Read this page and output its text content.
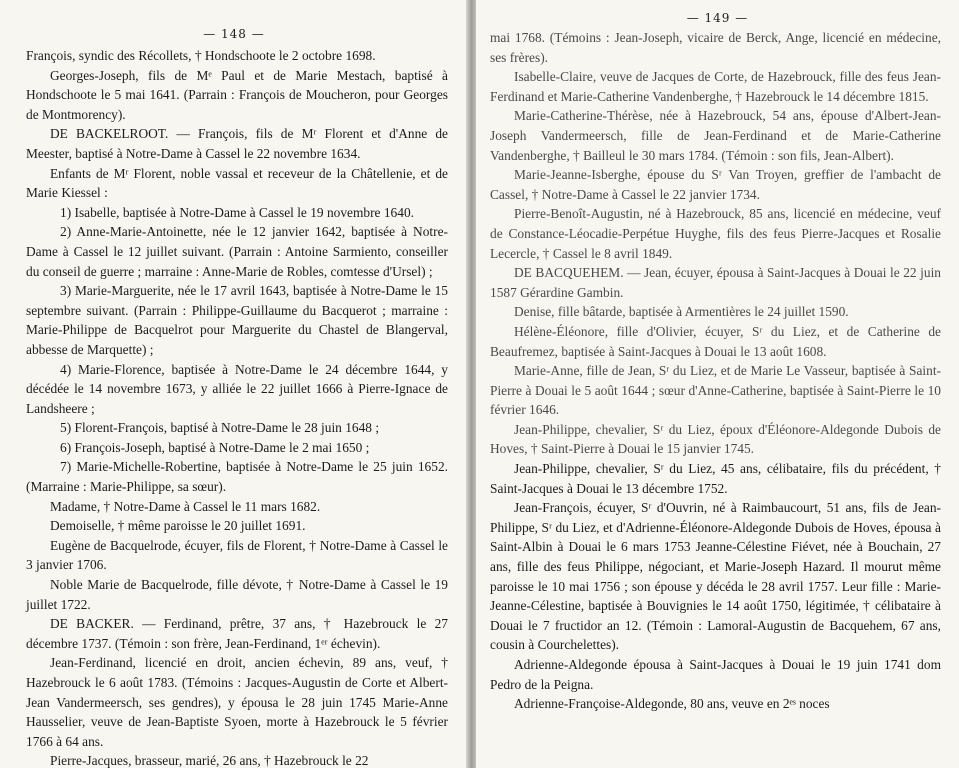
— 148 —

François, syndic des Récollets, † Hondschoote le 2 octobre 1698.

Georges-Joseph, fils de Mᵉ Paul et de Marie Mestach, baptisé à Hondschoote le 5 mai 1641. (Parrain : François de Moucheron, pour Georges de Montmorency).

DE BACKELROOT. — François, fils de Mʳ Florent et d'Anne de Meester, baptisé à Notre-Dame à Cassel le 22 novembre 1634.

Enfants de Mʳ Florent, noble vassal et receveur de la Châtellenie, et de Marie Kiessel :

1) Isabelle, baptisée à Notre-Dame à Cassel le 19 novembre 1640.

2) Anne-Marie-Antoinette, née le 12 janvier 1642, baptisée à Notre-Dame à Cassel le 12 juillet suivant. (Parrain : Antoine Sarmiento, conseiller du conseil de guerre ; marraine : Anne-Marie de Robles, comtesse d'Ursel) ;

3) Marie-Marguerite, née le 17 avril 1643, baptisée à Notre-Dame le 15 septembre suivant. (Parrain : Philippe-Guillaume du Bacquerot ; marraine : Marie-Philippe de Bacquelrot pour Marguerite du Chastel de Blangerval, abbesse de Marquette) ;

4) Marie-Florence, baptisée à Notre-Dame le 24 décembre 1644, y décédée le 14 novembre 1673, y alliée le 22 juillet 1666 à Pierre-Ignace de Landsheere ;

5) Florent-François, baptisé à Notre-Dame le 28 juin 1648 ;

6) François-Joseph, baptisé à Notre-Dame le 2 mai 1650 ;

7) Marie-Michelle-Robertine, baptisée à Notre-Dame le 25 juin 1652. (Marraine : Marie-Philippe, sa sœur).

Madame, † Notre-Dame à Cassel le 11 mars 1682.

Demoiselle, † même paroisse le 20 juillet 1691.

Eugène de Bacquelrode, écuyer, fils de Florent, † Notre-Dame à Cassel le 3 janvier 1706.

Noble Marie de Bacquelrode, fille dévote, † Notre-Dame à Cassel le 19 juillet 1722.

DE BACKER. — Ferdinand, prêtre, 37 ans, † Hazebrouck le 27 décembre 1737. (Témoin : son frère, Jean-Ferdinand, 1ᵉʳ échevin).

Jean-Ferdinand, licencié en droit, ancien échevin, 89 ans, veuf, † Hazebrouck le 6 août 1783. (Témoins : Jacques-Augustin de Corte et Albert-Jean Vandermeersch, ses gendres), y épousa le 28 juin 1745 Marie-Anne Hausselier, veuve de Jean-Baptiste Syoen, morte à Hazebrouck le 5 février 1766 à 64 ans.

Pierre-Jacques, brasseur, marié, 26 ans, † Hazebrouck le 22

— 149 —

mai 1768. (Témoins : Jean-Joseph, vicaire de Berck, Ange, licencié en médecine, ses frères).

Isabelle-Claire, veuve de Jacques de Corte, de Hazebrouck, fille des feus Jean-Ferdinand et Marie-Catherine Vandenberghe, † Hazebrouck le 14 décembre 1815.

Marie-Catherine-Thérèse, née à Hazebrouck, 54 ans, épouse d'Albert-Jean-Joseph Vandermeersch, fille de Jean-Ferdinand et de Marie-Catherine Vandenberghe, † Bailleul le 30 mars 1784. (Témoin : son fils, Jean-Albert).

Marie-Jeanne-Isberghe, épouse du Sʳ Van Troyen, greffier de l'ambacht de Cassel, † Notre-Dame à Cassel le 22 janvier 1734.

Pierre-Benoît-Augustin, né à Hazebrouck, 85 ans, licencié en médecine, veuf de Constance-Léocadie-Perpétue Huyghe, fils des feus Pierre-Jacques et Rosalie Lecercle, † Cassel le 8 avril 1849.

DE BACQUEHEM. — Jean, écuyer, épousa à Saint-Jacques à Douai le 22 juin 1587 Gérardine Gambin.

Denise, fille bâtarde, baptisée à Armentières le 24 juillet 1590.

Hélène-Éléonore, fille d'Olivier, écuyer, Sʳ du Liez, et de Catherine de Beaufremez, baptisée à Saint-Jacques à Douai le 13 août 1608.

Marie-Anne, fille de Jean, Sʳ du Liez, et de Marie Le Vasseur, baptisée à Saint-Pierre à Douai le 5 août 1644 ; sœur d'Anne-Catherine, baptisée à Saint-Pierre le 10 février 1646.

Jean-Philippe, chevalier, Sʳ du Liez, époux d'Éléonore-Aldegonde Dubois de Hoves, † Saint-Pierre à Douai le 15 janvier 1745.

Jean-Philippe, chevalier, Sʳ du Liez, 45 ans, célibataire, fils du précédent, † Saint-Jacques à Douai le 13 décembre 1752.

Jean-François, écuyer, Sʳ d'Ouvrin, né à Raimbaucourt, 51 ans, fils de Jean-Philippe, Sʳ du Liez, et d'Adrienne-Éléonore-Aldegonde Dubois de Hoves, épousa à Saint-Albin à Douai le 6 mars 1753 Jeanne-Célestine Fiévet, née à Bouchain, 27 ans, fille des feus Philippe, négociant, et Marie-Joseph Hazard. Il mourut même paroisse le 10 mai 1756 ; son épouse y décéda le 28 avril 1757. Leur fille : Marie-Jeanne-Célestine, baptisée à Bouvignies le 14 août 1750, légitimée, † célibataire à Douai le 7 fructidor an 12. (Témoin : Lamoral-Augustin de Bacquehem, 67 ans, cousin à Courchelettes).

Adrienne-Aldegonde épousa à Saint-Jacques à Douai le 19 juin 1741 dom Pedro de la Peigna.

Adrienne-Françoise-Aldegonde, 80 ans, veuve en 2ᵉˢ noces
